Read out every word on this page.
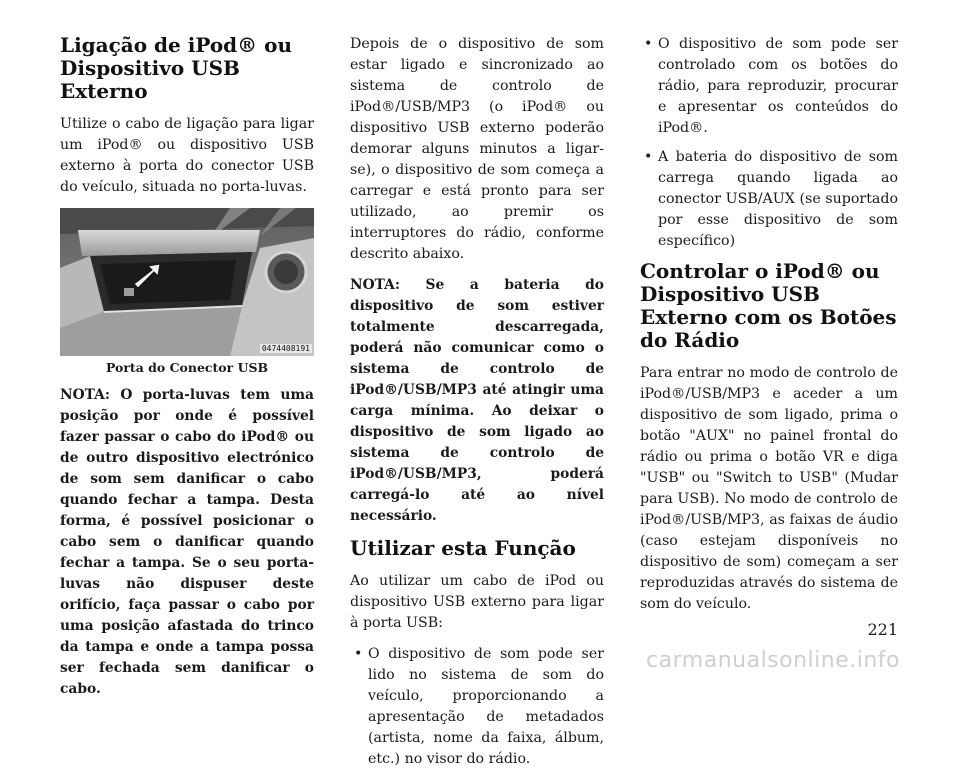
Ligação de iPod® ou Dispositivo USB Externo

Utilize o cabo de ligação para ligar um iPod® ou dispositivo USB externo à porta do conector USB do veículo, situada no porta-luvas.

0474408191
Porta do Conector USB

NOTA: O porta-luvas tem uma posição por onde é possível fazer passar o cabo do iPod® ou de outro dispositivo electrónico de som sem danificar o cabo quando fechar a tampa. Desta forma, é possível posicionar o cabo sem o danificar quando fechar a tampa. Se o seu porta-luvas não dispuser deste orifício, faça passar o cabo por uma posição afastada do trinco da tampa e onde a tampa possa ser fechada sem danificar o cabo.

Depois de o dispositivo de som estar ligado e sincronizado ao sistema de controlo de iPod®/USB/MP3 (o iPod® ou dispositivo USB externo poderão demorar alguns minutos a ligar-se), o dispositivo de som começa a carregar e está pronto para ser utilizado, ao premir os interruptores do rádio, conforme descrito abaixo.

NOTA: Se a bateria do dispositivo de som estiver totalmente descarregada, poderá não comunicar como o sistema de controlo de iPod®/USB/MP3 até atingir uma carga mínima. Ao deixar o dispositivo de som ligado ao sistema de controlo de iPod®/USB/MP3, poderá carregá-lo até ao nível necessário.

Utilizar esta Função

Ao utilizar um cabo de iPod ou dispositivo USB externo para ligar à porta USB:

• O dispositivo de som pode ser lido no sistema de som do veículo, proporcionando a apresentação de metadados (artista, nome da faixa, álbum, etc.) no visor do rádio.
• O dispositivo de som pode ser controlado com os botões do rádio, para reproduzir, procurar e apresentar os conteúdos do iPod®.
• A bateria do dispositivo de som carrega quando ligada ao conector USB/AUX (se suportado por esse dispositivo de som específico)
Controlar o iPod® ou Dispositivo USB Externo com os Botões do Rádio

Para entrar no modo de controlo de iPod®/USB/MP3 e aceder a um dispositivo de som ligado, prima o botão "AUX" no painel frontal do rádio ou prima o botão VR e diga "USB" ou "Switch to USB" (Mudar para USB). No modo de controlo de iPod®/USB/MP3, as faixas de áudio (caso estejam disponíveis no dispositivo de som) começam a ser reproduzidas através do sistema de som do veículo.

221
carmanualsonline.info
